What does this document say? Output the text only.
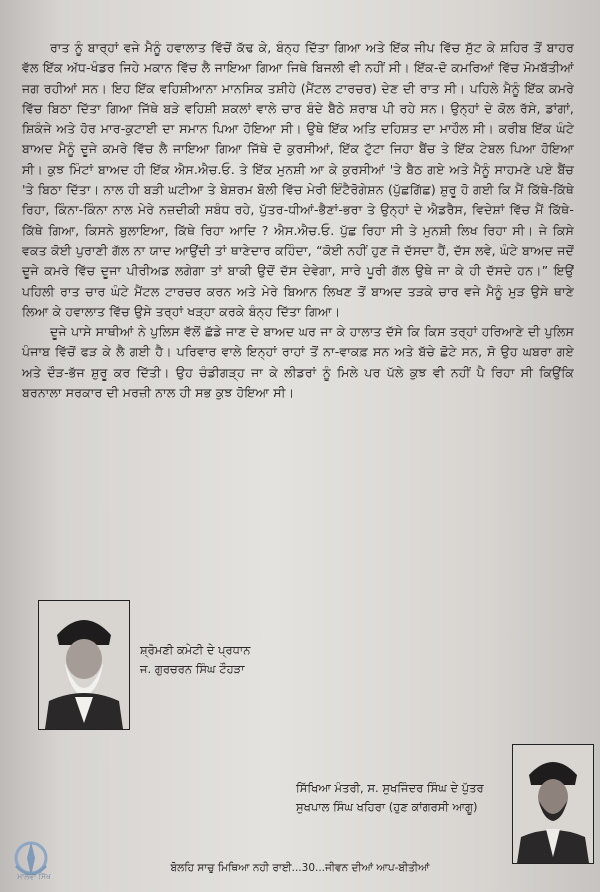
ਰਾਤ ਨੂੰ ਬਾਰ੍ਹਾਂ ਵਜੇ ਮੈਨੂੰ ਹਵਾਲਾਤ ਵਿੱਚੋਂ ਕੱਢ ਕੇ, ਬੰਨ੍ਹ ਦਿੱਤਾ ਗਿਆ ਅਤੇ ਇੱਕ ਜੀਪ ਵਿੱਚ ਸੁੱਟ ਕੇ ਸ਼ਹਿਰ ਤੋਂ ਬਾਹਰ ਵੱਲ ਇੱਕ ਅੱਧ-ਖੰਡਰ ਜਿਹੇ ਮਕਾਨ ਵਿੱਚ ਲੈ ਜਾਇਆ ਗਿਆ ਜਿਥੇ ਬਿਜਲੀ ਵੀ ਨਹੀਂ ਸੀ। ਇੱਕ-ਦੋ ਕਮਰਿਆਂ ਵਿੱਚ ਮੋਮਬੱਤੀਆਂ ਜਗ ਰਹੀਆਂ ਸਨ। ਇਹ ਇੱਕ ਵਹਿਸ਼ੀਆਨਾ ਮਾਨਸਿਕ ਤਸ਼ੀਹੇ (ਮੈਂਟਲ ਟਾਰਚਰ) ਦੇਣ ਦੀ ਰਾਤ ਸੀ। ਪਹਿਲੇ ਮੈਨੂੰ ਇੱਕ ਕਮਰੇ ਵਿੱਚ ਬਿਠਾ ਦਿੱਤਾ ਗਿਆ ਜਿੱਥੇ ਬੜੇ ਵਹਿਸ਼ੀ ਸ਼ਕਲਾਂ ਵਾਲੇ ਚਾਰ ਬੰਦੇ ਬੈਠੇ ਸ਼ਰਾਬ ਪੀ ਰਹੇ ਸਨ। ਉਨ੍ਹਾਂ ਦੇ ਕੋਲ ਰੱਸੇ, ਡਾਂਗਾਂ, ਸ਼ਿਕੰਜੇ ਅਤੇ ਹੋਰ ਮਾਰ-ਕੁਟਾਈ ਦਾ ਸਮਾਨ ਪਿਆ ਹੋਇਆ ਸੀ। ਉਥੇ ਇੱਕ ਅਤਿ ਦਹਿਸ਼ਤ ਦਾ ਮਾਹੌਲ ਸੀ। ਕਰੀਬ ਇੱਕ ਘੰਟੇ ਬਾਅਦ ਮੈਨੂੰ ਦੂਜੇ ਕਮਰੇ ਵਿੱਚ ਲੈ ਜਾਇਆ ਗਿਆ ਜਿੱਥੇ ਦੋ ਕੁਰਸੀਆਂ, ਇੱਕ ਟੁੱਟਾ ਜਿਹਾ ਬੈਂਚ ਤੇ ਇੱਕ ਟੇਬਲ ਪਿਆ ਹੋਇਆ ਸੀ। ਕੁਝ ਮਿੰਟਾਂ ਬਾਅਦ ਹੀ ਇੱਕ ਐਸ.ਐਚ.ਓ. ਤੇ ਇੱਕ ਮੁਨਸ਼ੀ ਆ ਕੇ ਕੁਰਸੀਆਂ 'ਤੇ ਬੈਠ ਗਏ ਅਤੇ ਮੈਨੂੰ ਸਾਹਮਣੇ ਪਏ ਬੈਂਚ 'ਤੇ ਬਿਠਾ ਦਿੱਤਾ। ਨਾਲ ਹੀ ਬੜੀ ਘਟੀਆ ਤੇ ਬੇਸ਼ਰਮ ਬੋਲੀ ਵਿੱਚ ਮੇਰੀ ਇੰਟੈਰੋਗੇਸ਼ਨ (ਪੁੱਛਗਿੱਛ) ਸ਼ੁਰੂ ਹੋ ਗਈ ਕਿ ਮੈਂ ਕਿੱਥੇ-ਕਿੱਥੇ ਰਿਹਾ, ਕਿੰਨਾ-ਕਿੰਨਾ ਨਾਲ ਮੇਰੇ ਨਜ਼ਦੀਕੀ ਸਬੰਧ ਰਹੇ, ਪੁੱਤਰ-ਧੀਆਂ-ਭੈਣਾਂ-ਭਰਾ ਤੇ ਉਨ੍ਹਾਂ ਦੇ ਐਡਰੈਸ, ਵਿਦੇਸ਼ਾਂ ਵਿੱਚ ਮੈਂ ਕਿੱਥੇ-ਕਿੱਥੇ ਗਿਆ, ਕਿਸਨੇ ਬੁਲਾਇਆ, ਕਿੱਥੇ ਰਿਹਾ ਆਦਿ ? ਐਸ.ਐਚ.ਓ. ਪੁੱਛ ਰਿਹਾ ਸੀ ਤੇ ਮੁਨਸ਼ੀ ਲਿਖ ਰਿਹਾ ਸੀ। ਜੇ ਕਿਸੇ ਵਕਤ ਕੋਈ ਪੁਰਾਣੀ ਗੱਲ ਨਾ ਯਾਦ ਆਉਂਦੀ ਤਾਂ ਥਾਣੇਦਾਰ ਕਹਿੰਦਾ, “ਕੋਈ ਨਹੀਂ ਹੁਣ ਜੋ ਦੱਸਦਾ ਹੈਂ, ਦੱਸ ਲਵੇ, ਘੰਟੇ ਬਾਅਦ ਜਦੋਂ ਦੂਜੇ ਕਮਰੇ ਵਿੱਚ ਦੂਜਾ ਪੀਰੀਅਡ ਲਗੇਗਾ ਤਾਂ ਬਾਕੀ ਉਦੋਂ ਦੱਸ ਦੇਵੇਗਾ, ਸਾਰੇ ਪੂਰੀ ਗੱਲ ਉਥੇ ਜਾ ਕੇ ਹੀ ਦੱਸਦੇ ਹਨ।” ਇਉਂ ਪਹਿਲੀ ਰਾਤ ਚਾਰ ਘੰਟੇ ਮੈਂਟਲ ਟਾਰਚਰ ਕਰਨ ਅਤੇ ਮੇਰੇ ਬਿਆਨ ਲਿਖਣ ਤੋਂ ਬਾਅਦ ਤੜਕੇ ਚਾਰ ਵਜੇ ਮੈਨੂੰ ਮੁੜ ਉਸੇ ਥਾਣੇ ਲਿਆ ਕੇ ਹਵਾਲਾਤ ਵਿੱਚ ਉਸੇ ਤਰ੍ਹਾਂ ਖੜ੍ਹਾ ਕਰਕੇ ਬੰਨ੍ਹ ਦਿੱਤਾ ਗਿਆ।

ਦੂਜੇ ਪਾਸੇ ਸਾਥੀਆਂ ਨੇ ਪੁਲਿਸ ਵੱਲੋਂ ਛੱਡੇ ਜਾਣ ਦੇ ਬਾਅਦ ਘਰ ਜਾ ਕੇ ਹਾਲਾਤ ਦੱਸੇ ਕਿ ਕਿਸ ਤਰ੍ਹਾਂ ਹਰਿਆਣੇ ਦੀ ਪੁਲਿਸ ਪੰਜਾਬ ਵਿੱਚੋਂ ਫੜ ਕੇ ਲੈ ਗਈ ਹੈ। ਪਰਿਵਾਰ ਵਾਲੇ ਇਨ੍ਹਾਂ ਰਾਹਾਂ ਤੋਂ ਨਾ-ਵਾਕਫ਼ ਸਨ ਅਤੇ ਬੱਚੇ ਛੋਟੇ ਸਨ, ਸੋ ਉਹ ਘਬਰਾ ਗਏ ਅਤੇ ਦੌੜ-ਭੱਜ ਸ਼ੁਰੂ ਕਰ ਦਿੱਤੀ। ਉਹ ਚੰਡੀਗੜ੍ਹ ਜਾ ਕੇ ਲੀਡਰਾਂ ਨੂੰ ਮਿਲੇ ਪਰ ਪੱਲੇ ਕੁਝ ਵੀ ਨਹੀਂ ਪੈ ਰਿਹਾ ਸੀ ਕਿਉਂਕਿ ਬਰਨਾਲਾ ਸਰਕਾਰ ਦੀ ਮਰਜ਼ੀ ਨਾਲ ਹੀ ਸਭ ਕੁਝ ਹੋਇਆ ਸੀ।

ਸ਼੍ਰੋਮਣੀ ਕਮੇਟੀ ਦੇ ਪ੍ਰਧਾਨ
ਜ. ਗੁਰਚਰਨ ਸਿੰਘ ਟੌਹੜਾ
ਸਿੱਖਿਆ ਮੰਤਰੀ, ਸ. ਸੁਖਜਿੰਦਰ ਸਿੰਘ ਦੇ ਪੁੱਤਰ
ਸੁਖਪਾਲ ਸਿੰਘ ਖਹਿਰਾ (ਹੁਣ ਕਾਂਗਰਸੀ ਆਗੂ)
ਮਾਲਵਾ ਸਿੱਖ
ਬੋਲਹਿ ਸਾਚੁ ਮਿਥਿਆ ਨਹੀ ਰਾਈ...30...ਜੀਵਨ ਦੀਆਂ ਆਪ-ਬੀਤੀਆਂ
